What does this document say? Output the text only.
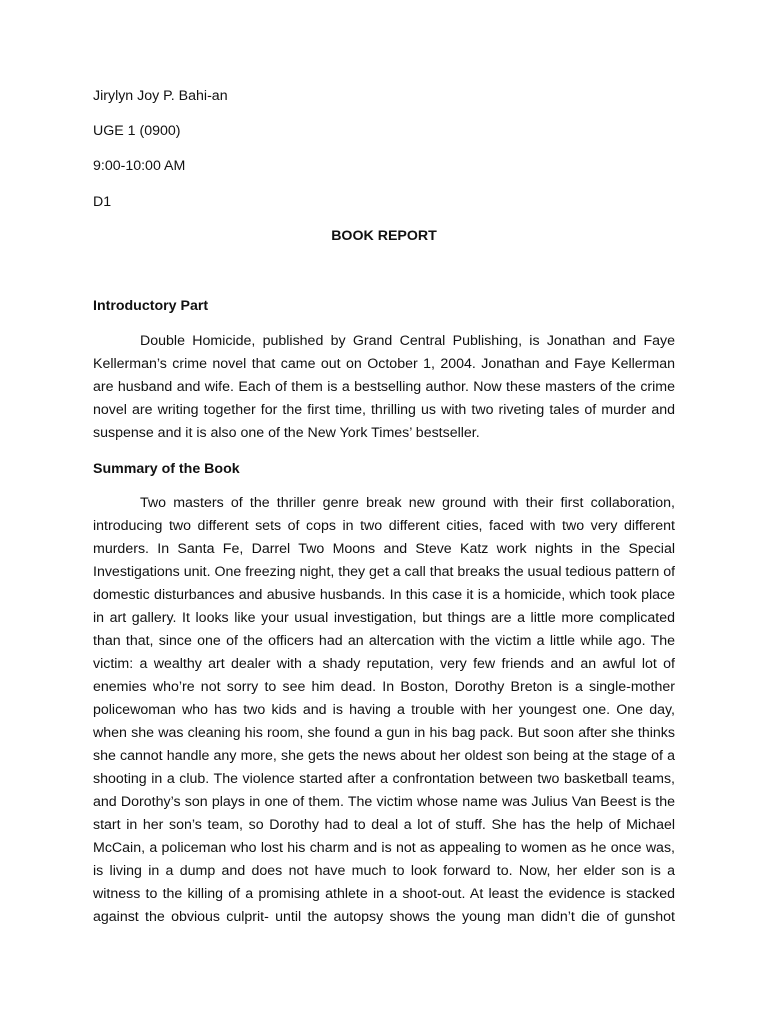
Jirylyn Joy P. Bahi-an
UGE 1 (0900)
9:00-10:00 AM
D1
BOOK REPORT
Introductory Part
Double Homicide, published by Grand Central Publishing, is Jonathan and Faye
Kellerman’s crime novel that came out on October 1, 2004. Jonathan and Faye Kellerman
are husband and wife. Each of them is a bestselling author. Now these masters of the crime
novel are writing together for the first time, thrilling us with two riveting tales of murder and
suspense and it is also one of the New York Times’ bestseller.
Summary of the Book
Two masters of the thriller genre break new ground with their first collaboration,
introducing two different sets of cops in two different cities, faced with two very different
murders. In Santa Fe, Darrel Two Moons and Steve Katz work nights in the Special
Investigations unit. One freezing night, they get a call that breaks the usual tedious pattern of
domestic disturbances and abusive husbands. In this case it is a homicide, which took place
in art gallery. It looks like your usual investigation, but things are a little more complicated
than that, since one of the officers had an altercation with the victim a little while ago. The
victim: a wealthy art dealer with a shady reputation, very few friends and an awful lot of
enemies who’re not sorry to see him dead. In Boston, Dorothy Breton is a single-mother
policewoman who has two kids and is having a trouble with her youngest one. One day,
when she was cleaning his room, she found a gun in his bag pack. But soon after she thinks
she cannot handle any more, she gets the news about her oldest son being at the stage of a
shooting in a club. The violence started after a confrontation between two basketball teams,
and Dorothy’s son plays in one of them. The victim whose name was Julius Van Beest is the
start in her son’s team, so Dorothy had to deal a lot of stuff. She has the help of Michael
McCain, a policeman who lost his charm and is not as appealing to women as he once was,
is living in a dump and does not have much to look forward to. Now, her elder son is a
witness to the killing of a promising athlete in a shoot-out. At least the evidence is stacked
against the obvious culprit- until the autopsy shows the young man didn’t die of gunshot
